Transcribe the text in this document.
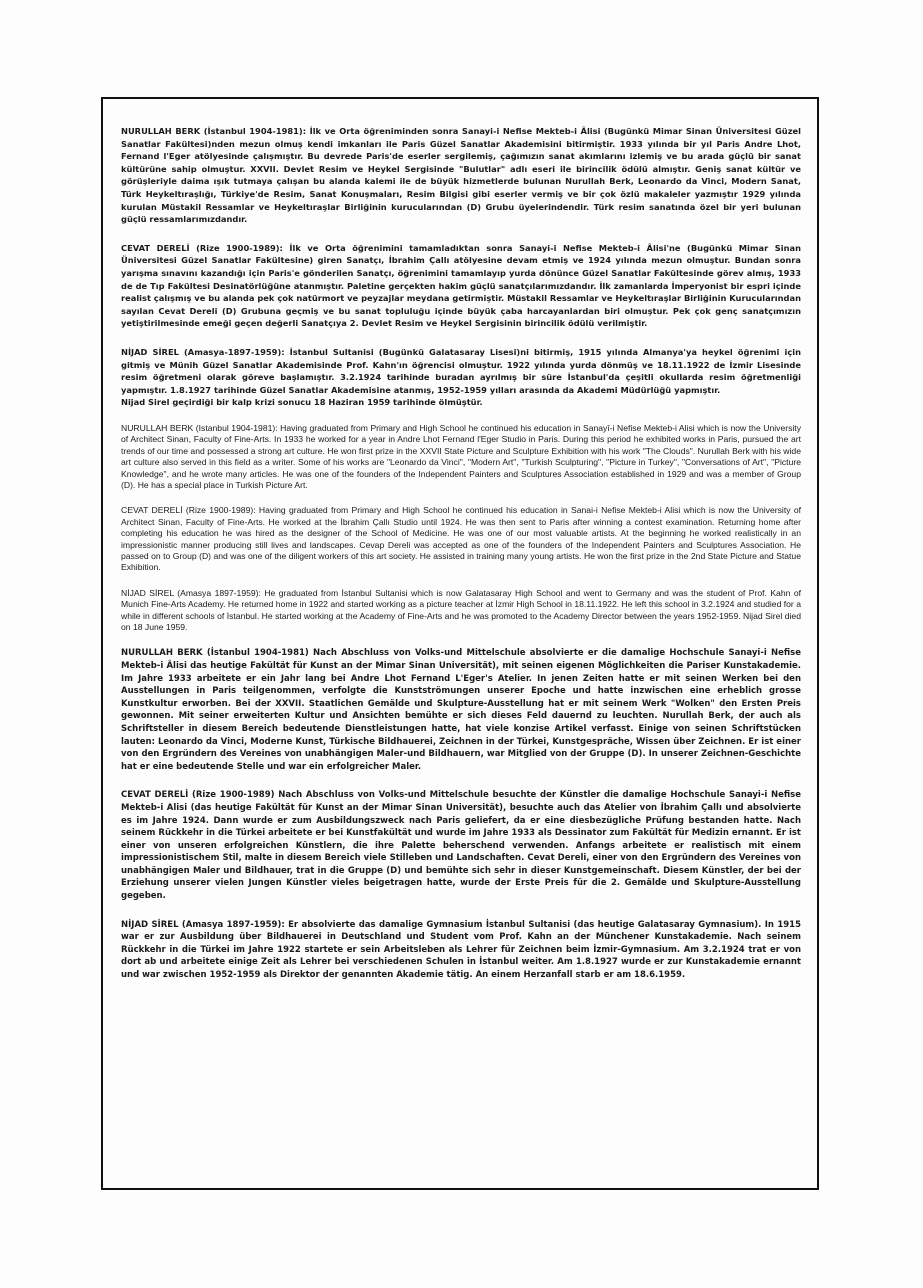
NURULLAH BERK (İstanbul 1904-1981): İlk ve Orta öğreniminden sonra Sanayi-i Nefise Mekteb-i Âlisi (Bugünkü Mimar Sinan Üniversitesi Güzel Sanatlar Fakültesi)nden mezun olmuş kendi imkanları ile Paris Güzel Sanatlar Akademisini bitirmiştir. 1933 yılında bir yıl Paris Andre Lhot, Fernand l'Eger atölyesinde çalışmıştır. Bu devrede Paris'de eserler sergilemiş, çağımızın sanat akımlarını izlemiş ve bu arada güçlü bir sanat kültürüne sahip olmuştur. XXVII. Devlet Resim ve Heykel Sergisinde "Bulutlar" adlı eseri ile birincilik ödülü almıştır. Geniş sanat kültür ve görüşleriyle daima ışık tutmaya çalışan bu alanda kalemi ile de büyük hizmetlerde bulunan Nurullah Berk, Leonardo da Vinci, Modern Sanat, Türk Heykeltıraşlığı, Türkiye'de Resim, Sanat Konuşmaları, Resim Bilgisi gibi eserler vermiş ve bir çok özlü makaleler yazmıştır 1929 yılında kurulan Müstakil Ressamlar ve Heykeltıraşlar Birliğinin kurucularından (D) Grubu üyelerindendir. Türk resim sanatında özel bir yeri bulunan güçlü ressamlarımızdandır.

CEVAT DERELİ (Rize 1900-1989): İlk ve Orta öğrenimini tamamladıktan sonra Sanayi-i Nefise Mekteb-i Âlisi'ne (Bugünkü Mimar Sinan Üniversitesi Güzel Sanatlar Fakültesine) giren Sanatçı, İbrahim Çallı atölyesine devam etmiş ve 1924 yılında mezun olmuştur. Bundan sonra yarışma sınavını kazandığı için Paris'e gönderilen Sanatçı, öğrenimini tamamlayıp yurda dönünce Güzel Sanatlar Fakültesinde görev almış, 1933 de de Tıp Fakültesi Desinatörlüğüne atanmıştır. Paletine gerçekten hakim güçlü sanatçılarımızdandır. İlk zamanlarda İmperyonist bir espri içinde realist çalışmış ve bu alanda pek çok natürmort ve peyzajlar meydana getirmiştir. Müstakil Ressamlar ve Heykeltıraşlar Birliğinin Kurucularından sayılan Cevat Dereli (D) Grubuna geçmiş ve bu sanat topluluğu içinde büyük çaba harcayanlardan biri olmuştur. Pek çok genç sanatçımızın yetiştirilmesinde emeği geçen değerli Sanatçıya 2. Devlet Resim ve Heykel Sergisinin birincilik ödülü verilmiştir.

NİJAD SİREL (Amasya-1897-1959): İstanbul Sultanisi (Bugünkü Galatasaray Lisesi)ni bitirmiş, 1915 yılında Almanya'ya heykel öğrenimi için gitmiş ve Münih Güzel Sanatlar Akademisinde Prof. Kahn'ın öğrencisi olmuştur. 1922 yılında yurda dönmüş ve 18.11.1922 de İzmir Lisesinde resim öğretmeni olarak göreve başlamıştır. 3.2.1924 tarihinde buradan ayrılmış bir süre İstanbul'da çeşitli okullarda resim öğretmenliği yapmıştır. 1.8.1927 tarihinde Güzel Sanatlar Akademisine atanmış, 1952-1959 yılları arasında da Akademi Müdürlüğü yapmıştır.

Nijad Sirel geçirdiği bir kalp krizi sonucu 18 Haziran 1959 tarihinde ölmüştür.

NURULLAH BERK (Istanbul 1904-1981): Having graduated from Primary and High School he continued his education in Sanayî-i Nefise Mekteb-i Alisi which is now the University of Architect Sinan, Faculty of Fine-Arts. In 1933 he worked for a year in Andre Lhot Fernand l'Eger Studio in Paris. During this period he exhibited works in Paris, pursued the art trends of our time and possessed a strong art culture. He won first prize in the XXVII State Picture and Sculpture Exhibition with his work "The Clouds". Nurullah Berk with his wide art culture also served in this field as a writer. Some of his works are "Leonardo da Vinci", "Modern Art", "Turkish Sculpturing", "Picture in Turkey", "Conversations of Art", "Picture Knowledge", and he wrote many articles. He was one of the founders of the Independent Painters and Sculptures Association established in 1929 and was a member of Group (D). He has a special place in Turkish Picture Art.

CEVAT DERELİ (Rize 1900-1989): Having graduated from Primary and High School he continued his education in Sanai-i Nefise Mekteb-i Alisi which is now the University of Architect Sinan, Faculty of Fine-Arts. He worked at the İbrahim Çallı Studio until 1924. He was then sent to Paris after winning a contest examination. Returning home after completing his education he was hired as the designer of the School of Medicine. He was one of our most valuable artists. At the beginning he worked realistically in an impressionistic manner producing still lives and landscapes. Cevap Dereli was accepted as one of the founders of the Independent Painters and Sculptures Association. He passed on to Group (D) and was one of the diligent workers of this art society. He assisted in training many young artists. He won the first prize in the 2nd State Picture and Statue Exhibition.

NİJAD SİREL (Amasya 1897-1959): He graduated from İstanbul Sultanisi which is now Galatasaray High School and went to Germany and was the student of Prof. Kahn of Munich Fine-Arts Academy. He returned home in 1922 and started working as a picture teacher at İzmir High School in 18.11.1922. He left this school in 3.2.1924 and studied for a while in different schools of İstanbul. He started working at the Academy of Fine-Arts and he was promoted to the Academy Director between the years 1952-1959. Nijad Sirel died on 18 June 1959.

NURULLAH BERK (İstanbul 1904-1981) Nach Abschluss von Volks-und Mittelschule absolvierte er die damalige Hochschule Sanayi-i Nefise Mekteb-i Âlisi das heutige Fakültät für Kunst an der Mimar Sinan Universität), mit seinen eigenen Möglichkeiten die Pariser Kunstakademie. Im Jahre 1933 arbeitete er ein Jahr lang bei Andre Lhot Fernand L'Eger's Atelier. In jenen Zeiten hatte er mit seinen Werken bei den Ausstellungen in Paris teilgenommen, verfolgte die Kunstströmungen unserer Epoche und hatte inzwischen eine erheblich grosse Kunstkultur erworben. Bei der XXVII. Staatlichen Gemälde und Skulpture-Ausstellung hat er mit seinem Werk "Wolken" den Ersten Preis gewonnen. Mit seiner erweiterten Kultur und Ansichten bemühte er sich dieses Feld dauernd zu leuchten. Nurullah Berk, der auch als Schriftsteller in diesem Bereich bedeutende Dienstleistungen hatte, hat viele konzise Artikel verfasst. Einige von seinen Schriftstücken lauten: Leonardo da Vinci, Moderne Kunst, Türkische Bildhauerei, Zeichnen in der Türkei, Kunstgespräche, Wissen über Zeichnen. Er ist einer von den Ergründern des Vereines von unabhängigen Maler-und Bildhauern, war Mitglied von der Gruppe (D). In unserer Zeichnen-Geschichte hat er eine bedeutende Stelle und war ein erfolgreicher Maler.

CEVAT DERELİ (Rize 1900-1989) Nach Abschluss von Volks-und Mittelschule besuchte der Künstler die damalige Hochschule Sanayi-i Nefise Mekteb-i Alisi (das heutige Fakültät für Kunst an der Mimar Sinan Universität), besuchte auch das Atelier von İbrahim Çallı und absolvierte es im Jahre 1924. Dann wurde er zum Ausbildungszweck nach Paris geliefert, da er eine diesbezügliche Prüfung bestanden hatte. Nach seinem Rückkehr in die Türkei arbeitete er bei Kunstfakültät und wurde im Jahre 1933 als Dessinator zum Fakültät für Medizin ernannt. Er ist einer von unseren erfolgreichen Künstlern, die ihre Palette beherschend verwenden. Anfangs arbeitete er realistisch mit einem impressionistischem Stil, malte in diesem Bereich viele Stilleben und Landschaften. Cevat Dereli, einer von den Ergründern des Vereines von unabhängigen Maler und Bildhauer, trat in die Gruppe (D) und bemühte sich sehr in dieser Kunstgemeinschaft. Diesem Künstler, der bei der Erziehung unserer vielen Jungen Künstler vieles beigetragen hatte, wurde der Erste Preis für die 2. Gemälde und Skulpture-Ausstellung gegeben.

NİJAD SİREL (Amasya 1897-1959): Er absolvierte das damalige Gymnasium İstanbul Sultanisi (das heutige Galatasaray Gymnasium). In 1915 war er zur Ausbildung über Bildhauerei in Deutschland und Student vom Prof. Kahn an der Münchener Kunstakademie. Nach seinem Rückkehr in die Türkei im Jahre 1922 startete er sein Arbeitsleben als Lehrer für Zeichnen beim İzmir-Gymnasium. Am 3.2.1924 trat er von dort ab und arbeitete einige Zeit als Lehrer bei verschiedenen Schulen in İstanbul weiter. Am 1.8.1927 wurde er zur Kunstakademie ernannt und war zwischen 1952-1959 als Direktor der genannten Akademie tätig. An einem Herzanfall starb er am 18.6.1959.
